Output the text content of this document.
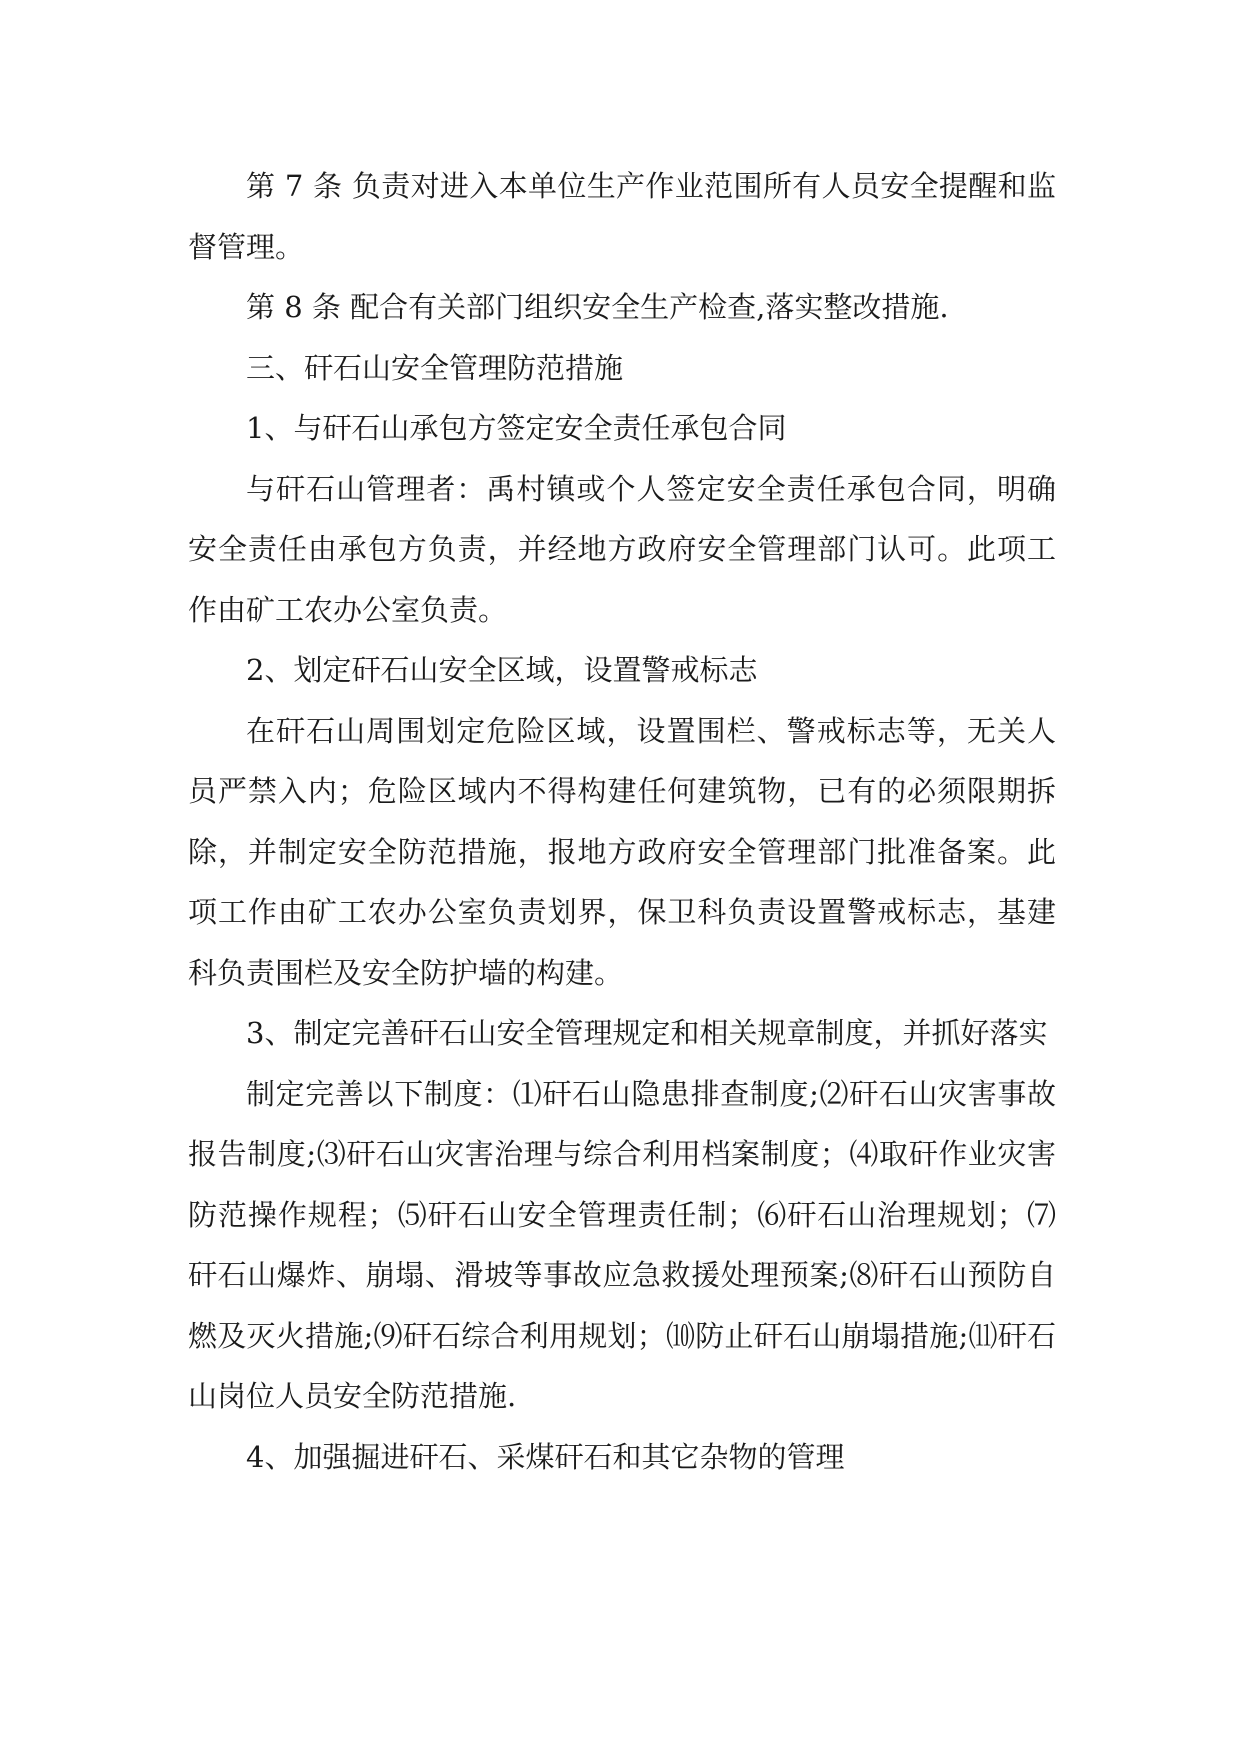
第 7 条 负责对进入本单位生产作业范围所有人员安全提醒和监督管理。

第 8 条 配合有关部门组织安全生产检查,落实整改措施.

三、矸石山安全管理防范措施

1、与矸石山承包方签定安全责任承包合同

与矸石山管理者：禹村镇或个人签定安全责任承包合同，明确安全责任由承包方负责，并经地方政府安全管理部门认可。此项工作由矿工农办公室负责。

2、划定矸石山安全区域，设置警戒标志

在矸石山周围划定危险区域，设置围栏、警戒标志等，无关人员严禁入内；危险区域内不得构建任何建筑物，已有的必须限期拆除，并制定安全防范措施，报地方政府安全管理部门批准备案。此项工作由矿工农办公室负责划界，保卫科负责设置警戒标志，基建科负责围栏及安全防护墙的构建。

3、制定完善矸石山安全管理规定和相关规章制度，并抓好落实

制定完善以下制度：⑴矸石山隐患排查制度;⑵矸石山灾害事故报告制度;⑶矸石山灾害治理与综合利用档案制度；⑷取矸作业灾害防范操作规程；⑸矸石山安全管理责任制；⑹矸石山治理规划；⑺矸石山爆炸、崩塌、滑坡等事故应急救援处理预案;⑻矸石山预防自燃及灭火措施;⑼矸石综合利用规划；⑽防止矸石山崩塌措施;⑾矸石山岗位人员安全防范措施.

4、加强掘进矸石、采煤矸石和其它杂物的管理
